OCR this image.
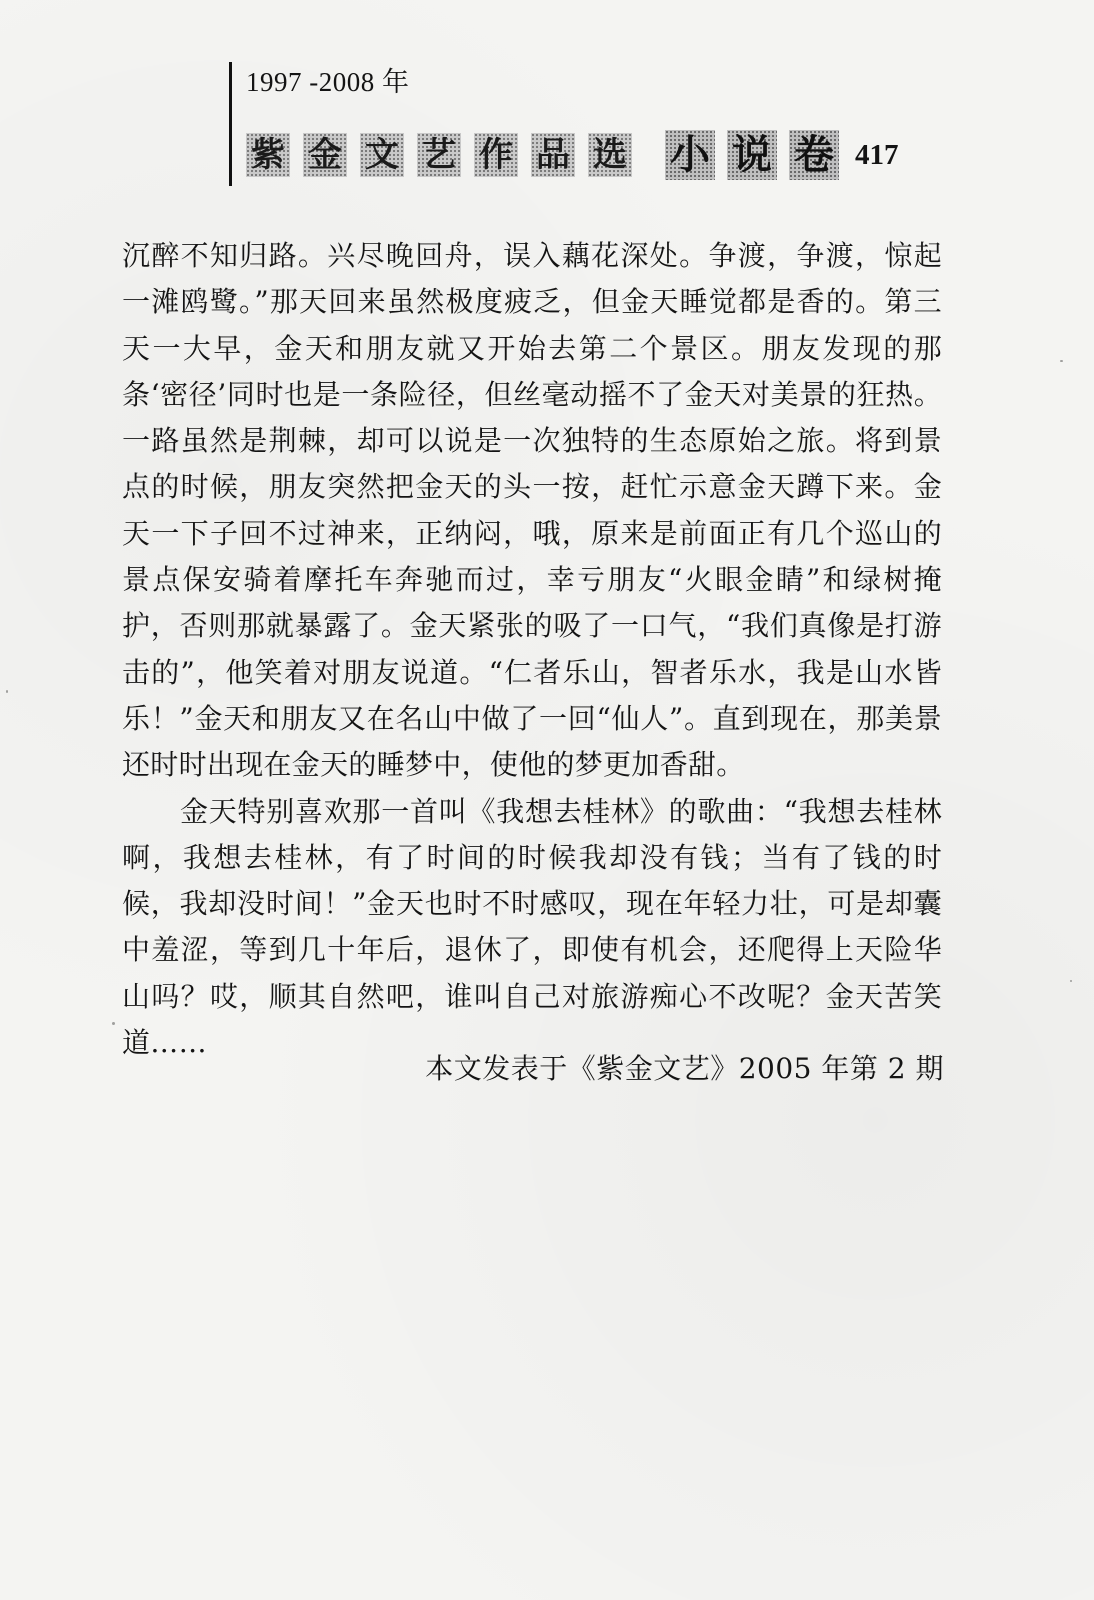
1997 -2008 年
紫 金 文 艺 作 品 选 小 说 卷 417

沉醉不知归路。兴尽晚回舟，误入藕花深处。争渡，争渡，惊起一滩鸥鹭。”那天回来虽然极度疲乏，但金天睡觉都是香的。第三天一大早，金天和朋友就又开始去第二个景区。朋友发现的那条‘密径’同时也是一条险径，但丝毫动摇不了金天对美景的狂热。一路虽然是荆棘，却可以说是一次独特的生态原始之旅。将到景点的时候，朋友突然把金天的头一按，赶忙示意金天蹲下来。金天一下子回不过神来，正纳闷，哦，原来是前面正有几个巡山的景点保安骑着摩托车奔驰而过，幸亏朋友“火眼金睛”和绿树掩护，否则那就暴露了。金天紧张的吸了一口气，“我们真像是打游击的”，他笑着对朋友说道。“仁者乐山，智者乐水，我是山水皆乐！”金天和朋友又在名山中做了一回“仙人”。直到现在，那美景还时时出现在金天的睡梦中，使他的梦更加香甜。

金天特别喜欢那一首叫《我想去桂林》的歌曲：“我想去桂林啊，我想去桂林，有了时间的时候我却没有钱；当有了钱的时候，我却没时间！”金天也时不时感叹，现在年轻力壮，可是却囊中羞涩，等到几十年后，退休了，即使有机会，还爬得上天险华山吗？哎，顺其自然吧，谁叫自己对旅游痴心不改呢？金天苦笑道……

本文发表于《紫金文艺》2005 年第 2 期
